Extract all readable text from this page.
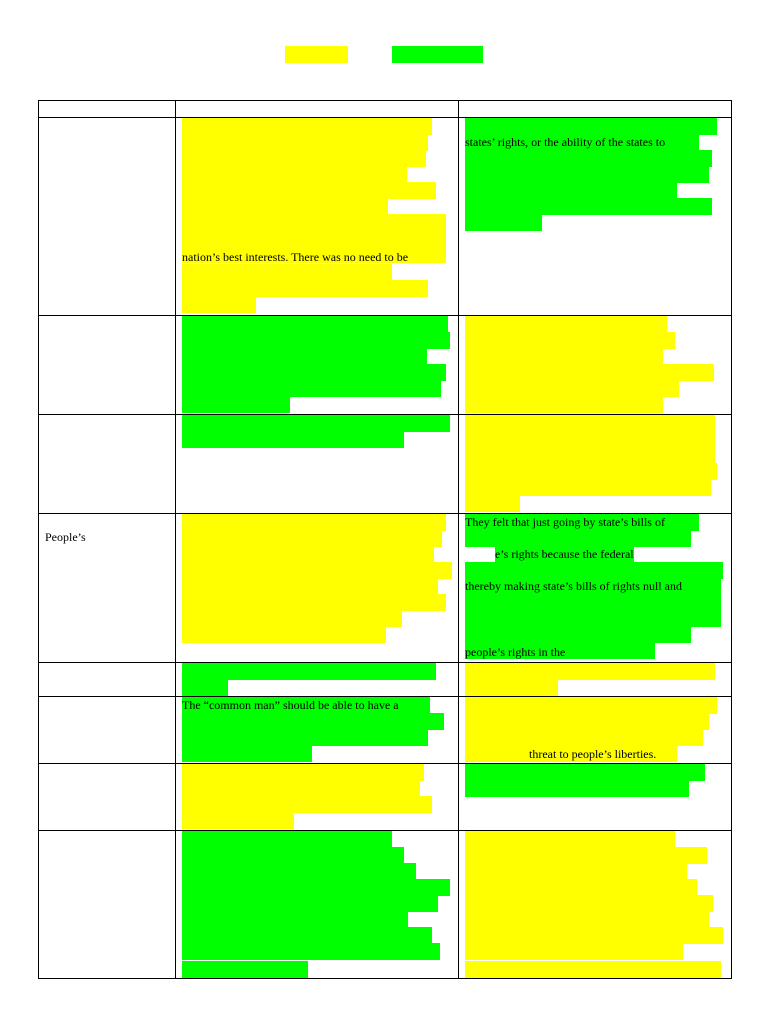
	nation’s best interests. There was no need to be	states’ rights, or the ability of the states to

People’s		They felt that just going by state’s bills of
e’s rights because the federal
thereby making state’s bills of rights null and
people’s rights in the

	The “common man” should be able to have a	threat to people’s liberties.
